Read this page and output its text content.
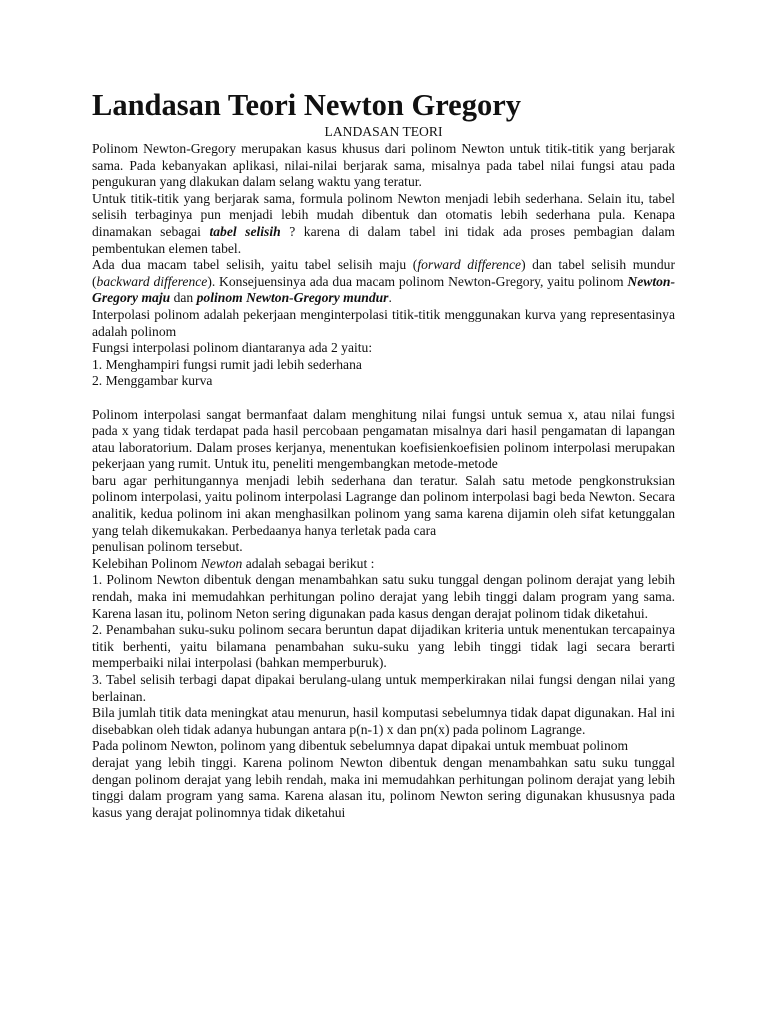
Landasan Teori Newton Gregory
LANDASAN TEORI

Polinom Newton-Gregory merupakan kasus khusus dari polinom Newton untuk titik-titik yang berjarak sama. Pada kebanyakan aplikasi, nilai-nilai berjarak sama, misalnya pada tabel nilai fungsi atau pada pengukuran yang dlakukan dalam selang waktu yang teratur.

Untuk titik-titik yang berjarak sama, formula polinom Newton menjadi lebih sederhana. Selain itu, tabel selisih terbaginya pun menjadi lebih mudah dibentuk dan otomatis lebih sederhana pula. Kenapa dinamakan sebagai tabel selisih ? karena di dalam tabel ini tidak ada proses pembagian dalam pembentukan elemen tabel.

Ada dua macam tabel selisih, yaitu tabel selisih maju (forward difference) dan tabel selisih mundur (backward difference). Konsejuensinya ada dua macam polinom Newton-Gregory, yaitu polinom Newton-Gregory maju dan polinom Newton-Gregory mundur.

Interpolasi polinom adalah pekerjaan menginterpolasi titik-titik menggunakan kurva yang representasinya adalah polinom

Fungsi interpolasi polinom diantaranya ada 2 yaitu:

1. Menghampiri fungsi rumit jadi lebih sederhana

2. Menggambar kurva

Polinom interpolasi sangat bermanfaat dalam menghitung nilai fungsi untuk semua x, atau nilai fungsi pada x yang tidak terdapat pada hasil percobaan pengamatan misalnya dari hasil pengamatan di lapangan atau laboratorium. Dalam proses kerjanya, menentukan koefisienkoefisien polinom interpolasi merupakan pekerjaan yang rumit. Untuk itu, peneliti mengembangkan metode-metode

baru agar perhitungannya menjadi lebih sederhana dan teratur. Salah satu metode pengkonstruksian polinom interpolasi, yaitu polinom interpolasi Lagrange dan polinom interpolasi bagi beda Newton. Secara analitik, kedua polinom ini akan menghasilkan polinom yang sama karena dijamin oleh sifat ketunggalan yang telah dikemukakan. Perbedaanya hanya terletak pada cara

penulisan polinom tersebut.

Kelebihan Polinom Newton adalah sebagai berikut :

1. Polinom Newton dibentuk dengan menambahkan satu suku tunggal dengan polinom derajat yang lebih rendah, maka ini memudahkan perhitungan polino derajat yang lebih tinggi dalam program yang sama. Karena lasan itu, polinom Neton sering digunakan pada kasus dengan derajat polinom tidak diketahui.

2. Penambahan suku-suku polinom secara beruntun dapat dijadikan kriteria untuk menentukan tercapainya titik berhenti, yaitu bilamana penambahan suku-suku yang lebih tinggi tidak lagi secara berarti memperbaiki nilai interpolasi (bahkan memperburuk).

3. Tabel selisih terbagi dapat dipakai berulang-ulang untuk memperkirakan nilai fungsi dengan nilai yang berlainan.

Bila jumlah titik data meningkat atau menurun, hasil komputasi sebelumnya tidak dapat digunakan. Hal ini disebabkan oleh tidak adanya hubungan antara p(n-1) x dan pn(x) pada polinom Lagrange.

Pada polinom Newton, polinom yang dibentuk sebelumnya dapat dipakai untuk membuat polinom

derajat yang lebih tinggi. Karena polinom Newton dibentuk dengan menambahkan satu suku tunggal dengan polinom derajat yang lebih rendah, maka ini memudahkan perhitungan polinom derajat yang lebih tinggi dalam program yang sama. Karena alasan itu, polinom Newton sering digunakan khususnya pada kasus yang derajat polinomnya tidak diketahui
